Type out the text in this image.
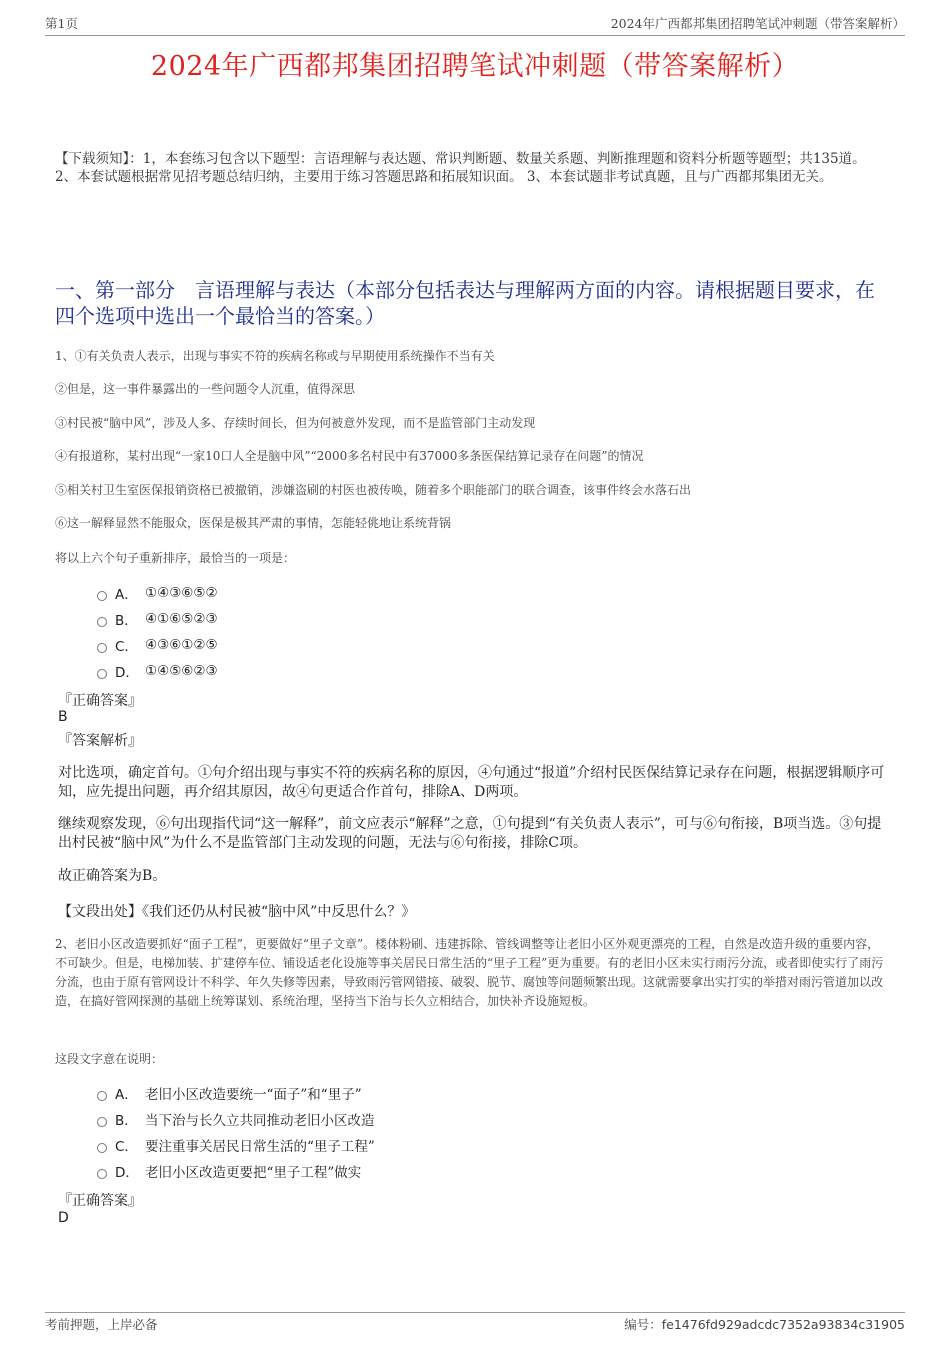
第1页	2024年广西都邦集团招聘笔试冲刺题（带答案解析）
2024年广西都邦集团招聘笔试冲刺题（带答案解析）
【下载须知】：1，本套练习包含以下题型：言语理解与表达题、常识判断题、数量关系题、判断推理题和资料分析题等题型；共135道。 2、本套试题根据常见招考题总结归纳，主要用于练习答题思路和拓展知识面。 3、本套试题非考试真题，且与广西都邦集团无关。
一、第一部分　言语理解与表达（本部分包括表达与理解两方面的内容。请根据题目要求，在四个选项中选出一个最恰当的答案。）
1、①有关负责人表示，出现与事实不符的疾病名称或与早期使用系统操作不当有关
②但是，这一事件暴露出的一些问题令人沉重，值得深思
③村民被“脑中风”，涉及人多、存续时间长，但为何被意外发现，而不是监管部门主动发现
④有报道称，某村出现“一家10口人全是脑中风”“2000多名村民中有37000多条医保结算记录存在问题”的情况
⑤相关村卫生室医保报销资格已被撤销，涉嫌盗刷的村医也被传唤，随着多个职能部门的联合调查，该事件终会水落石出
⑥这一解释显然不能服众，医保是极其严肃的事情，怎能轻佻地让系统背锅
将以上六个句子重新排序，最恰当的一项是：
A． ①④③⑥⑤②
B． ④①⑥⑤②③
C． ④③⑥①②⑤
D． ①④⑤⑥②③
『正确答案』
B
『答案解析』
对比选项，确定首句。①句介绍出现与事实不符的疾病名称的原因，④句通过“报道”介绍村民医保结算记录存在问题，根据逻辑顺序可知，应先提出问题，再介绍其原因，故④句更适合作首句，排除A、D两项。
继续观察发现，⑥句出现指代词“这一解释”，前文应表示“解释”之意，①句提到“有关负责人表示”，可与⑥句衔接，B项当选。③句提出村民被“脑中风”为什么不是监管部门主动发现的问题，无法与⑥句衔接，排除C项。
故正确答案为B。
【文段出处】《我们还仍从村民被“脑中风”中反思什么？》
2、老旧小区改造要抓好“面子工程”，更要做好“里子文章”。楼体粉刷、违建拆除、管线调整等让老旧小区外观更漂亮的工程，自然是改造升级的重要内容，不可缺少。但是，电梯加装、扩建停车位、铺设适老化设施等事关居民日常生活的“里子工程”更为重要。有的老旧小区未实行雨污分流，或者即使实行了雨污分流，也由于原有管网设计不科学、年久失修等因素，导致雨污管网错接、破裂、脱节、腐蚀等问题频繁出现。这就需要拿出实打实的举措对雨污管道加以改造，在搞好管网探测的基础上统筹谋划、系统治理，坚持当下治与长久立相结合，加快补齐设施短板。
这段文字意在说明：
A． 老旧小区改造要统一“面子”和“里子”
B． 当下治与长久立共同推动老旧小区改造
C． 要注重事关居民日常生活的“里子工程”
D． 老旧小区改造更要把“里子工程”做实
『正确答案』
D
考前押题，上岸必备	编号：fe1476fd929adcdc7352a93834c31905
